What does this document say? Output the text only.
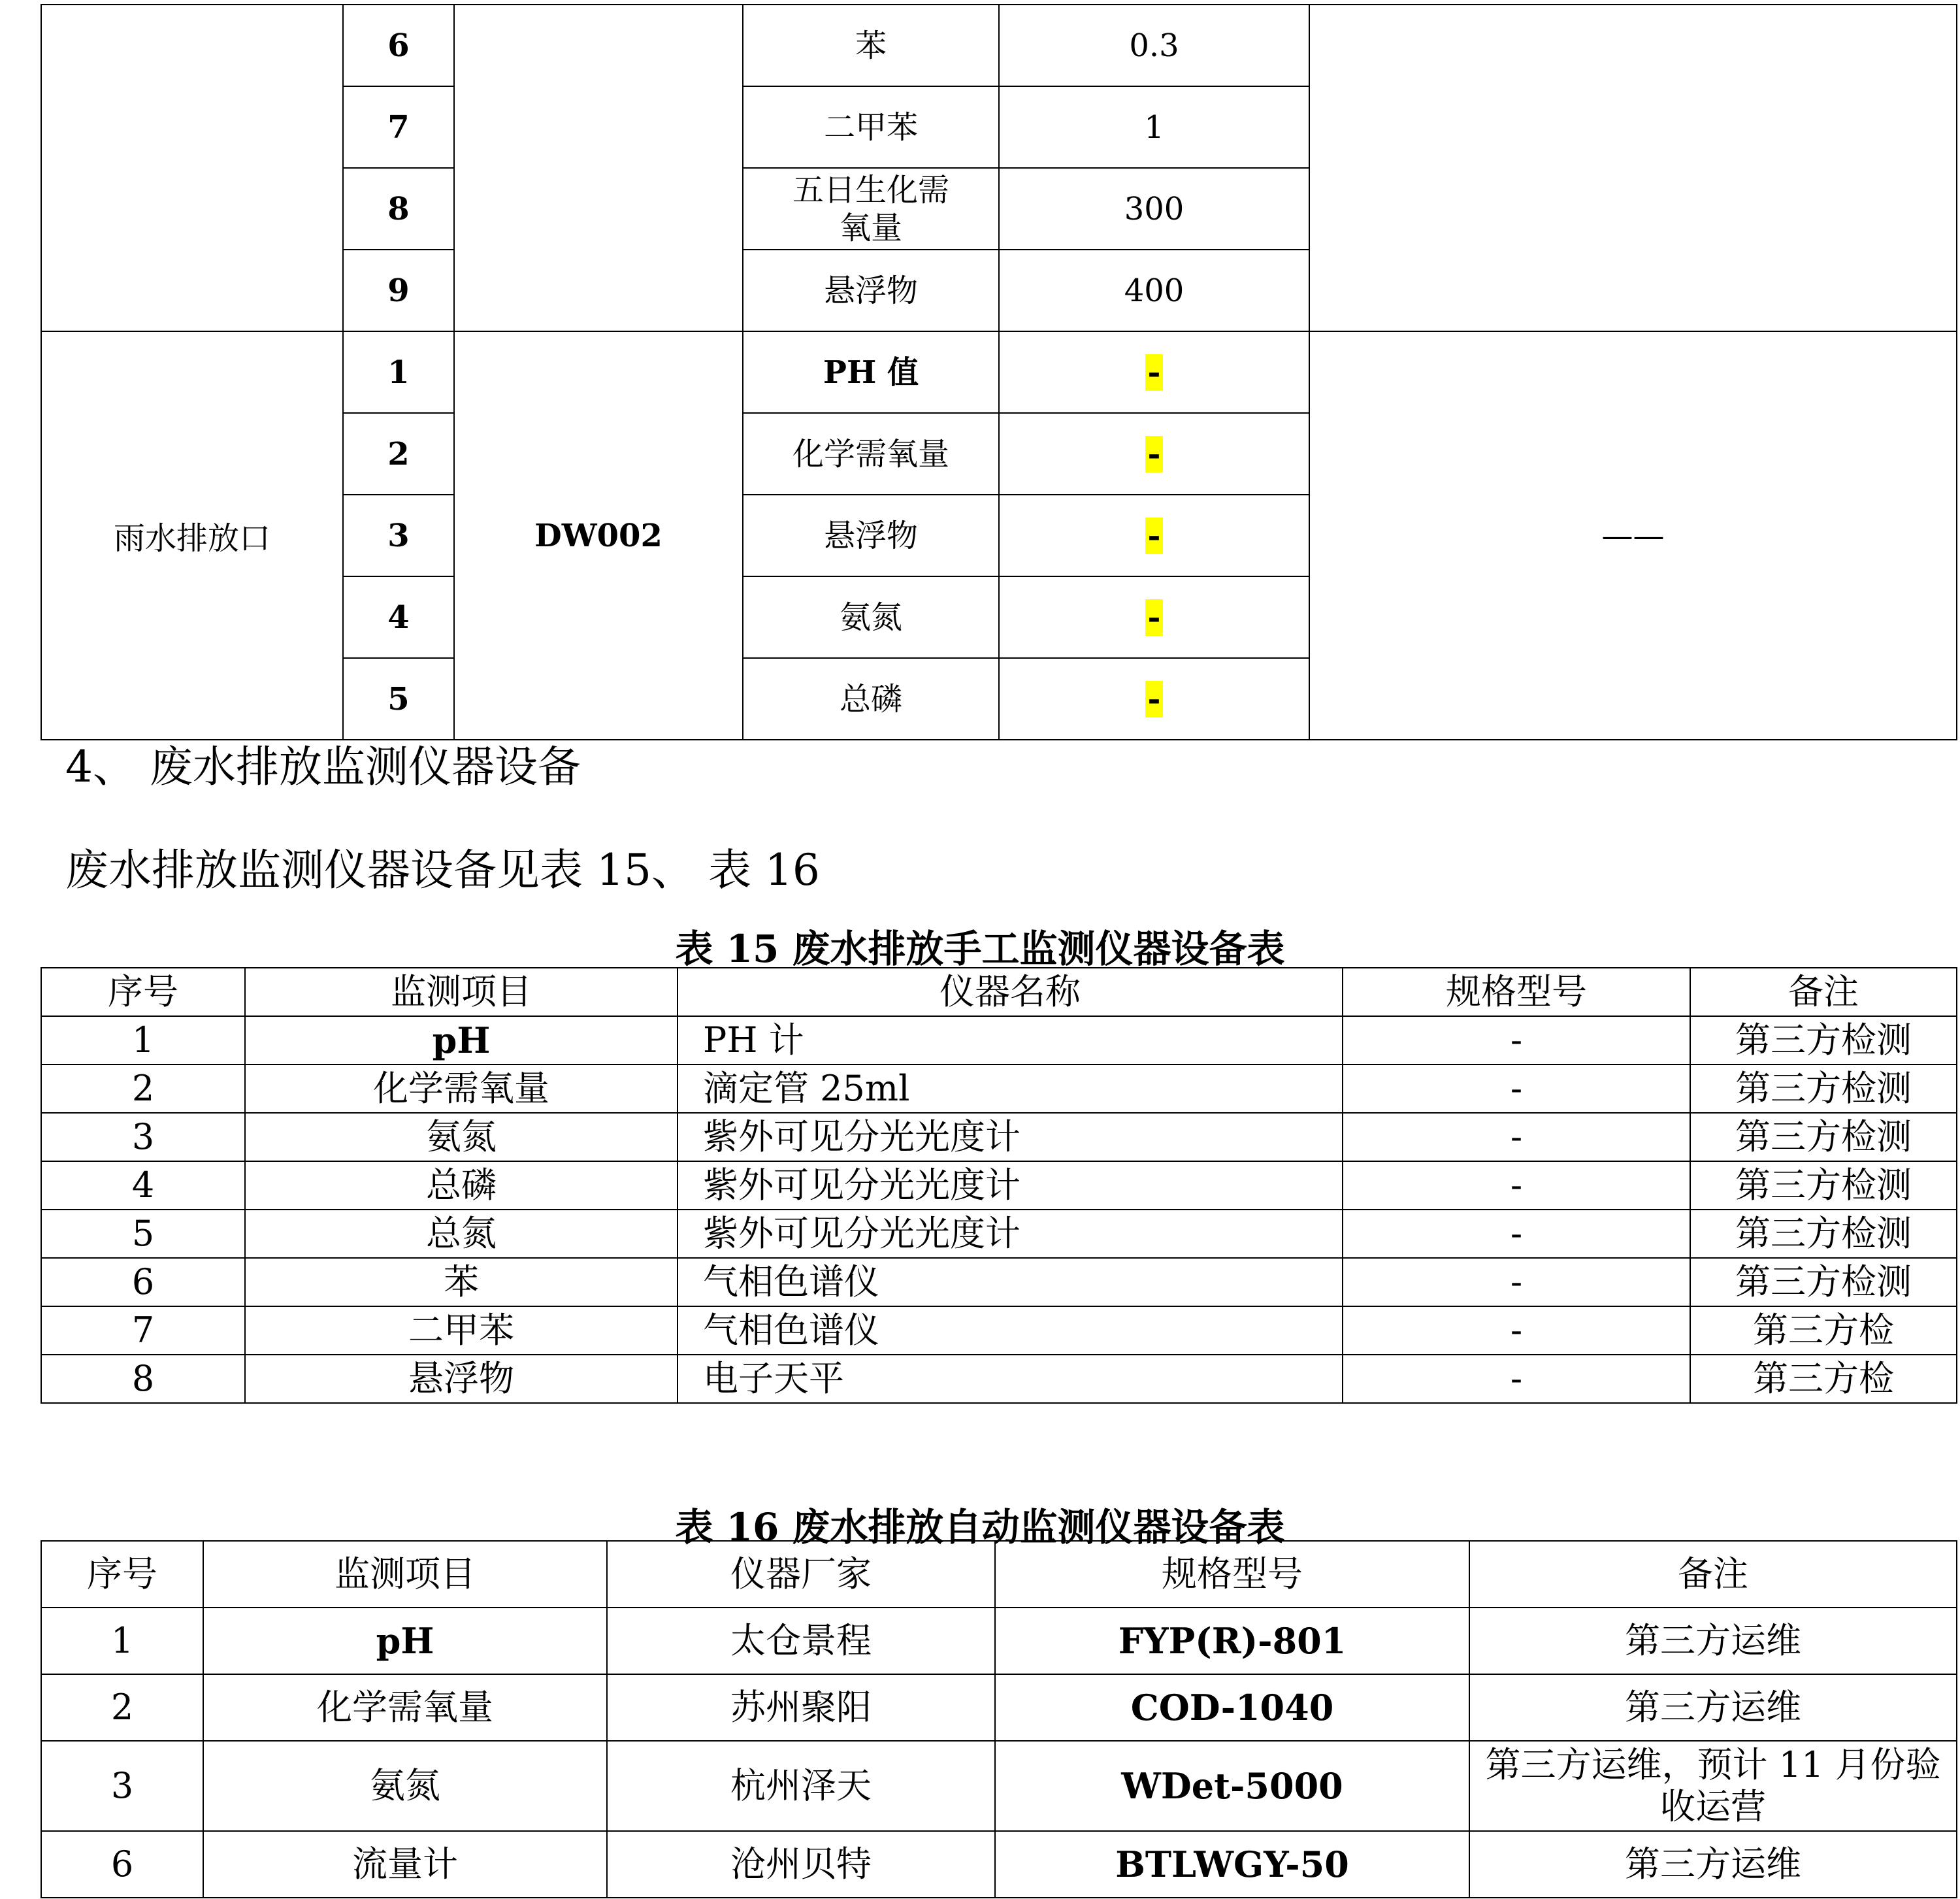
	6		苯	0.3	
	7		二甲苯	1	
	8		五日生化需氧量	300	
	9		悬浮物	400	
雨水排放口	1	DW002	PH 值	-	——
	2		化学需氧量	-	
	3		悬浮物	-	
	4		氨氮	-	
	5		总磷	-	
4、 废水排放监测仪器设备
废水排放监测仪器设备见表 15、 表 16
表 15 废水排放手工监测仪器设备表
序号	监测项目	仪器名称	规格型号	备注
1	pH	PH 计	-	第三方检测
2	化学需氧量	滴定管 25ml	-	第三方检测
3	氨氮	紫外可见分光光度计	-	第三方检测
4	总磷	紫外可见分光光度计	-	第三方检测
5	总氮	紫外可见分光光度计	-	第三方检测
6	苯	气相色谱仪	-	第三方检测
7	二甲苯	气相色谱仪	-	第三方检
8	悬浮物	电子天平	-	第三方检
表 16 废水排放自动监测仪器设备表
序号	监测项目	仪器厂家	规格型号	备注
1	pH	太仓景程	FYP(R)-801	第三方运维
2	化学需氧量	苏州聚阳	COD-1040	第三方运维
3	氨氮	杭州泽天	WDet-5000	第三方运维，预计 11 月份验收运营
6	流量计	沧州贝特	BTLWGY-50	第三方运维
